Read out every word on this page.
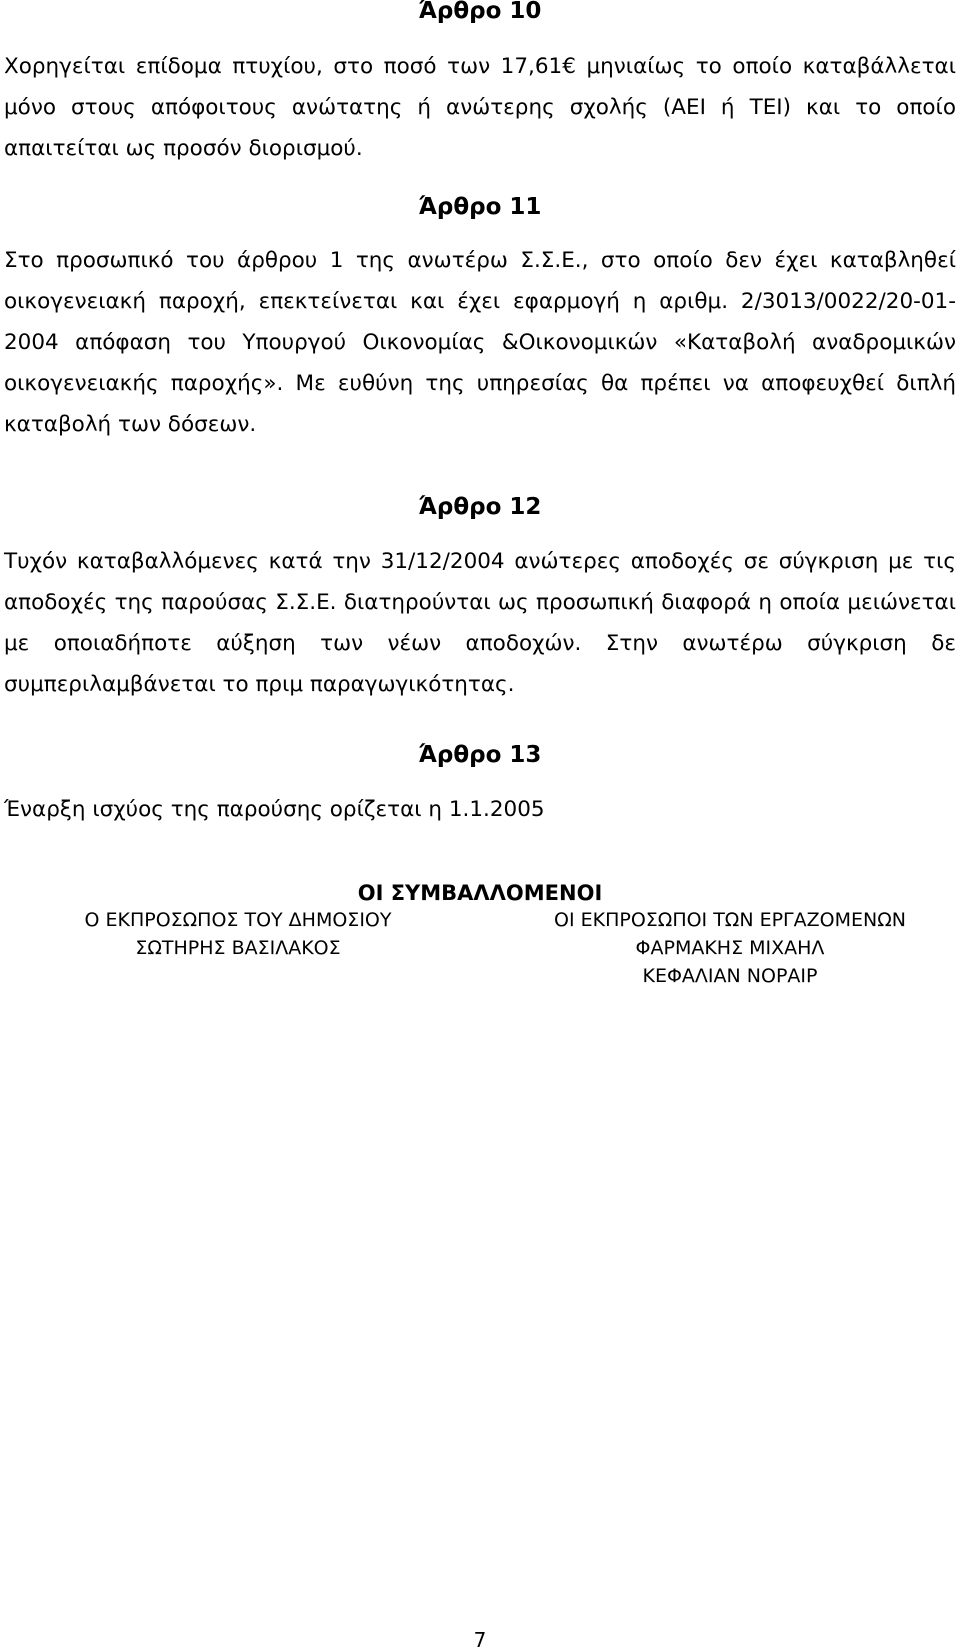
Άρθρο 10

Χορηγείται επίδομα πτυχίου, στο ποσό των 17,61€ μηνιαίως το οποίο καταβάλλεται μόνο στους απόφοιτους ανώτατης ή ανώτερης σχολής (ΑΕΙ ή ΤΕΙ) και το οποίο απαιτείται ως προσόν διορισμού.

Άρθρο 11

Στο προσωπικό του άρθρου 1 της ανωτέρω Σ.Σ.Ε., στο οποίο δεν έχει καταβληθεί οικογενειακή παροχή, επεκτείνεται και έχει εφαρμογή η αριθμ. 2/3013/0022/20-01-2004 απόφαση του Υπουργού Οικονομίας &Οικονομικών «Καταβολή αναδρομικών οικογενειακής παροχής». Με ευθύνη της υπηρεσίας θα πρέπει να αποφευχθεί διπλή καταβολή των δόσεων.

Άρθρο 12

Τυχόν καταβαλλόμενες κατά την 31/12/2004 ανώτερες αποδοχές σε σύγκριση με τις αποδοχές της παρούσας Σ.Σ.Ε. διατηρούνται ως προσωπική διαφορά η οποία μειώνεται με οποιαδήποτε αύξηση των νέων αποδοχών. Στην ανωτέρω σύγκριση δε συμπεριλαμβάνεται το πριμ παραγωγικότητας.

Άρθρο 13

Έναρξη ισχύος της παρούσης ορίζεται η 1.1.2005

ΟΙ ΣΥΜΒΑΛΛΟΜΕΝΟΙ
Ο ΕΚΠΡΟΣΩΠΟΣ ΤΟΥ ΔΗΜΟΣΙΟΥ
ΣΩΤΗΡΗΣ ΒΑΣΙΛΑΚΟΣ
ΟΙ ΕΚΠΡΟΣΩΠΟΙ ΤΩΝ ΕΡΓΑΖΟΜΕΝΩΝ
ΦΑΡΜΑΚΗΣ ΜΙΧΑΗΛ
ΚΕΦΑΛΙΑΝ ΝΟΡΑΙΡ
7
